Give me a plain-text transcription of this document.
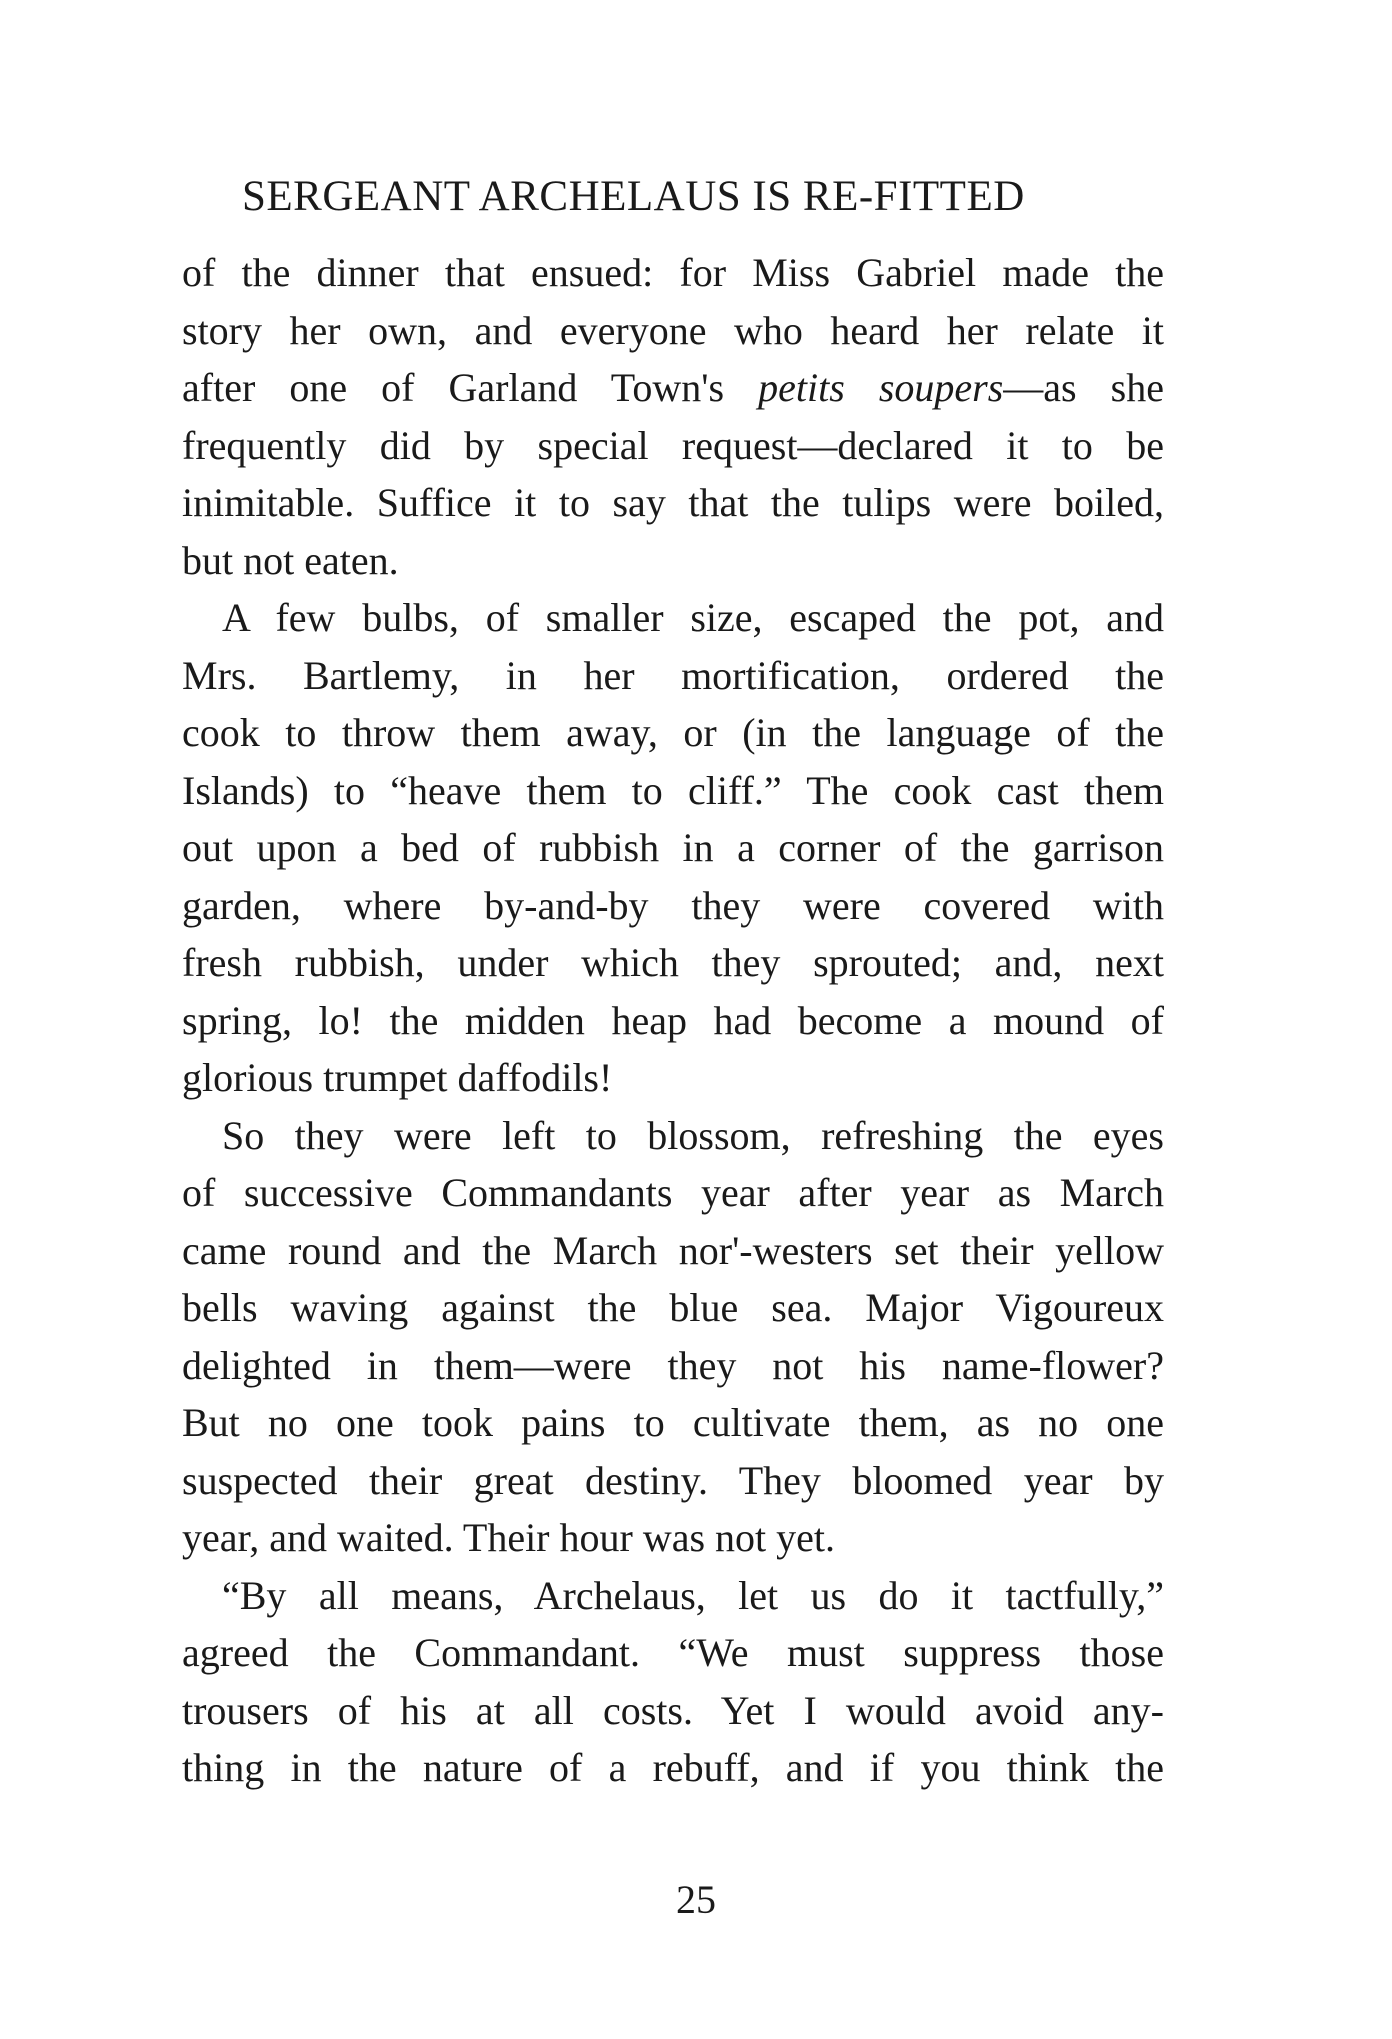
SERGEANT ARCHELAUS IS RE-FITTED
of the dinner that ensued: for Miss Gabriel made the
story her own, and everyone who heard her relate it
after one of Garland Town's petits soupers—as she
frequently did by special request—declared it to be
inimitable. Suffice it to say that the tulips were boiled,
but not eaten.
A few bulbs, of smaller size, escaped the pot, and
Mrs. Bartlemy, in her mortification, ordered the
cook to throw them away, or (in the language of the
Islands) to “heave them to cliff.” The cook cast them
out upon a bed of rubbish in a corner of the garrison
garden, where by-and-by they were covered with
fresh rubbish, under which they sprouted; and, next
spring, lo! the midden heap had become a mound of
glorious trumpet daffodils!
So they were left to blossom, refreshing the eyes
of successive Commandants year after year as March
came round and the March nor'-westers set their yellow
bells waving against the blue sea. Major Vigoureux
delighted in them—were they not his name-flower?
But no one took pains to cultivate them, as no one
suspected their great destiny. They bloomed year by
year, and waited. Their hour was not yet.
“By all means, Archelaus, let us do it tactfully,”
agreed the Commandant. “We must suppress those
trousers of his at all costs. Yet I would avoid any-
thing in the nature of a rebuff, and if you think the
25
